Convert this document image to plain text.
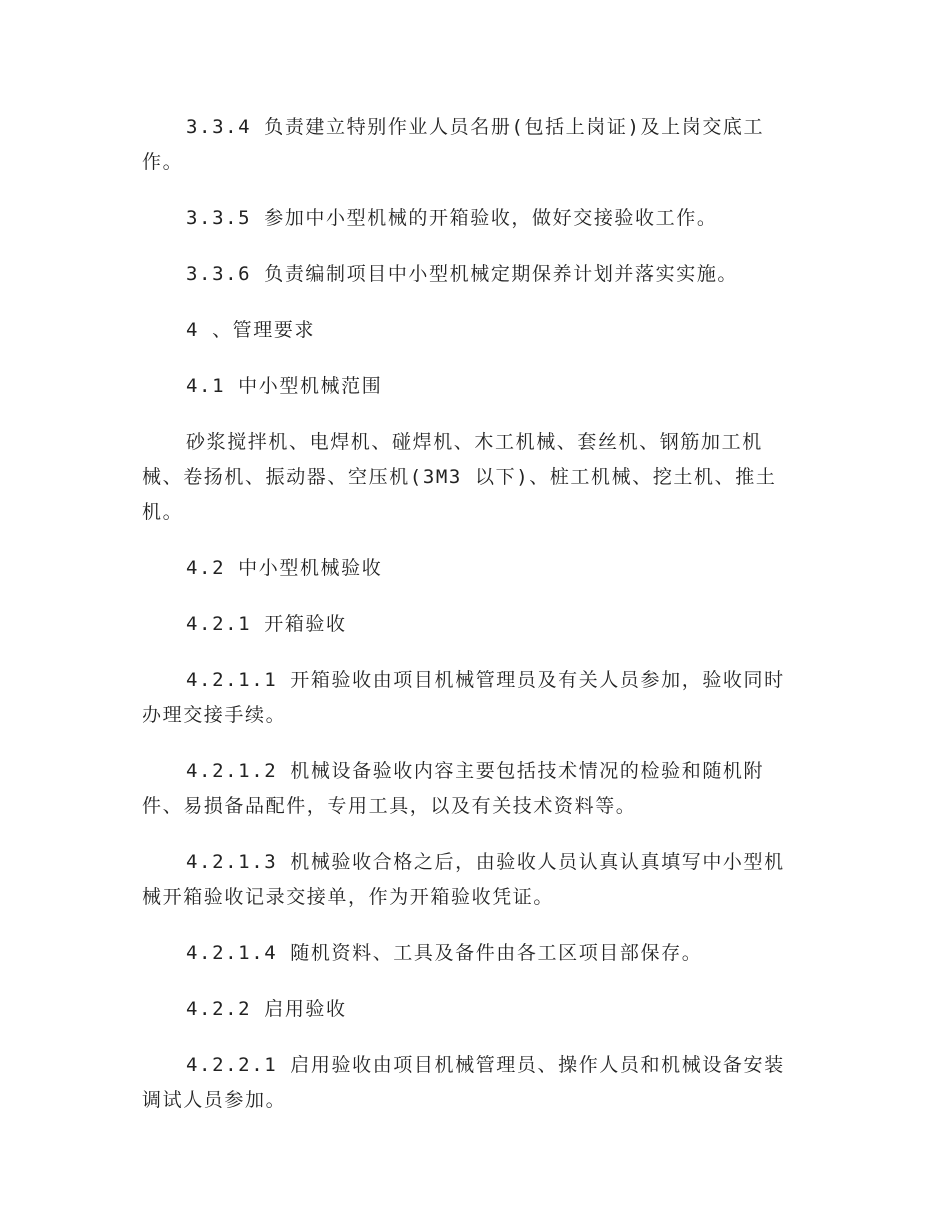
3.3.4 负责建立特别作业人员名册(包括上岗证)及上岗交底工作。

3.3.5 参加中小型机械的开箱验收，做好交接验收工作。

3.3.6 负责编制项目中小型机械定期保养计划并落实实施。

4 、管理要求

4.1 中小型机械范围

砂浆搅拌机、电焊机、碰焊机、木工机械、套丝机、钢筋加工机械、卷扬机、振动器、空压机(3M3 以下)、桩工机械、挖土机、推土机。

4.2 中小型机械验收

4.2.1 开箱验收

4.2.1.1 开箱验收由项目机械管理员及有关人员参加，验收同时办理交接手续。

4.2.1.2 机械设备验收内容主要包括技术情况的检验和随机附件、易损备品配件，专用工具，以及有关技术资料等。

4.2.1.3 机械验收合格之后，由验收人员认真认真填写中小型机械开箱验收记录交接单，作为开箱验收凭证。

4.2.1.4 随机资料、工具及备件由各工区项目部保存。

4.2.2 启用验收

4.2.2.1 启用验收由项目机械管理员、操作人员和机械设备安装调试人员参加。
